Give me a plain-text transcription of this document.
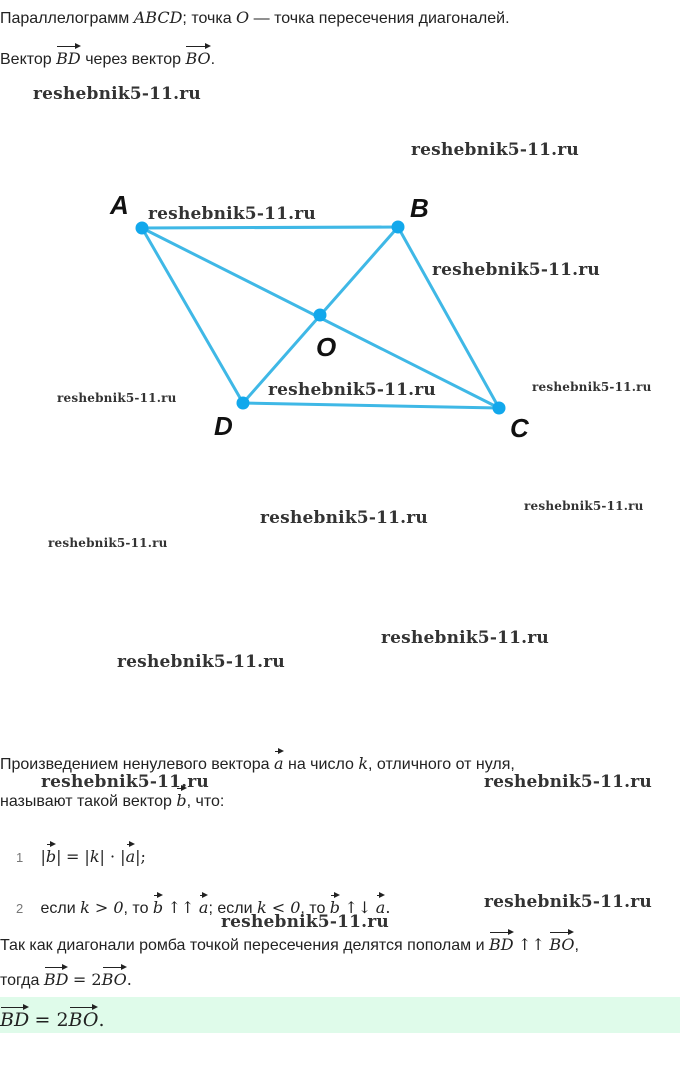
Параллелограмм ABCD; точка O — точка пересечения диагоналей.
Вектор BD через вектор BO.
A	B
C
D
O
Произведением ненулевого вектора a на число k, отличного от нуля,
называют такой вектор b, что:
1 |b| = |k| · |a|;
2 если k > 0, то b ↑↑ a; если k < 0, то b ↑↓ a.
Так как диагонали ромба точкой пересечения делятся пополам и BD ↑↑ BO,
тогда BD = 2BO.
BD = 2BO.
reshebnik5-11.ru
reshebnik5-11.ru
reshebnik5-11.ru
reshebnik5-11.ru
reshebnik5-11.ru	reshebnik5-11.ru
reshebnik5-11.ru
reshebnik5-11.ru
reshebnik5-11.ru
reshebnik5-11.ru
reshebnik5-11.ru
reshebnik5-11.ru
reshebnik5-11.ru	reshebnik5-11.ru
reshebnik5-11.ru
reshebnik5-11.ru
